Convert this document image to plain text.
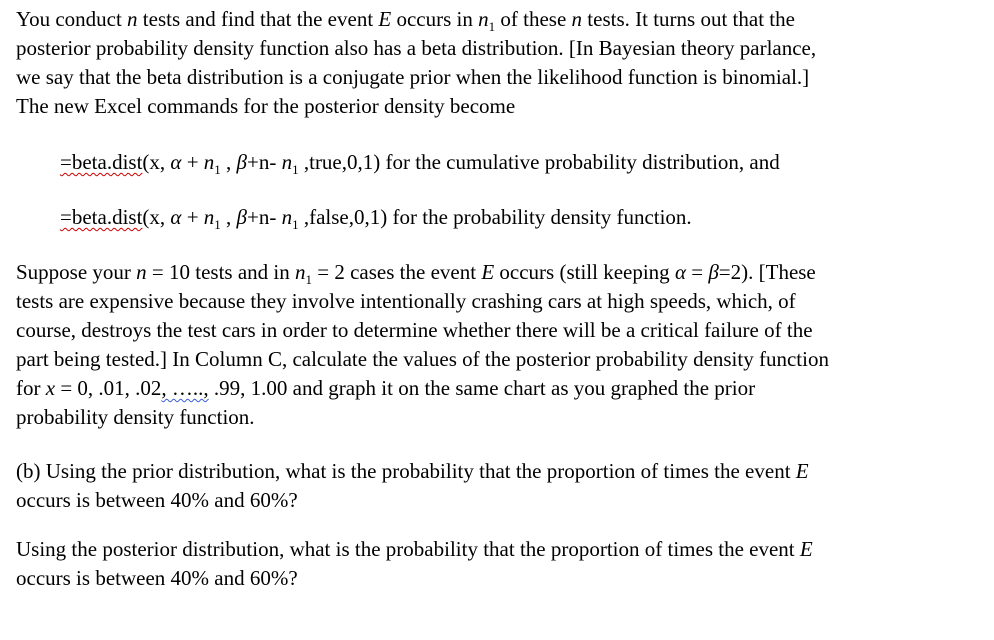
You conduct n tests and find that the event E occurs in $n_1$ of these n tests. It turns out that the
posterior probability density function also has a beta distribution. [In Bayesian theory parlance,
we say that the beta distribution is a conjugate prior when the likelihood function is binomial.]
The new Excel commands for the posterior density become
=beta.dist(x, $\alpha + n_1$ , β+n- $n_1$ ,true,0,1) for the cumulative probability distribution, and
=beta.dist(x, $\alpha + n_1$ , β+n- $n_1$ ,false,0,1) for the probability density function.
Suppose your n = 10 tests and in $n_1 = 2$ cases the event E occurs (still keeping α = β=2). [These
tests are expensive because they involve intentionally crashing cars at high speeds, which, of
course, destroys the test cars in order to determine whether there will be a critical failure of the
part being tested.] In Column C, calculate the values of the posterior probability density function
for x = 0, .01, .02, ….., .99, 1.00 and graph it on the same chart as you graphed the prior
probability density function.
(b) Using the prior distribution, what is the probability that the proportion of times the event E
occurs is between 40% and 60%?
Using the posterior distribution, what is the probability that the proportion of times the event E
occurs is between 40% and 60%?
